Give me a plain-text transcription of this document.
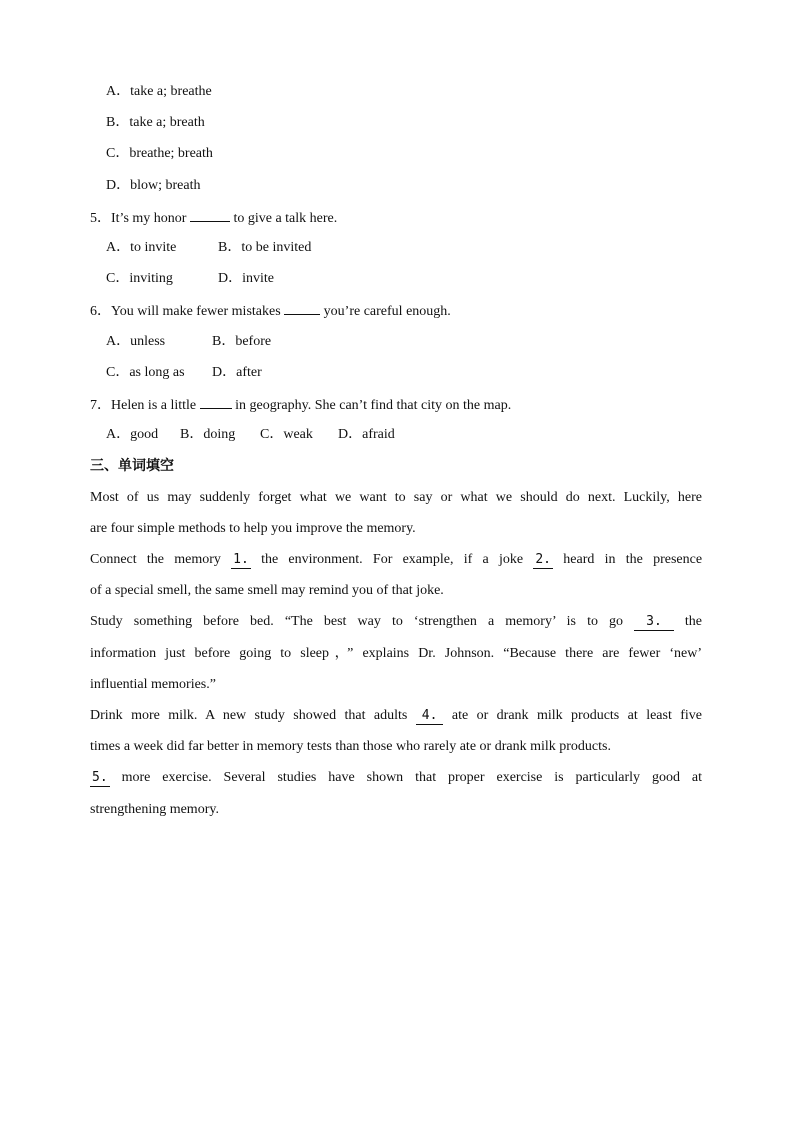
A．take a; breathe
B．take a; breath
C．breathe; breath
D．blow; breath
5．It’s my honor	to give a talk here.
A．to invite	B．to be invited
C．inviting	D．invite
6．You will make fewer mistakes	you’re careful enough.
A．unless	B．before
C．as long as D．after
7．Helen is a little	in geography. She can’t find that city on the map.
A．good B．doing C．weak D．afraid
三、单词填空
Most of us may suddenly forget what we want to say or what we should do next. Luckily, here
are four simple methods to help you improve the memory.
Connect the memory 1. the environment. For example, if a joke 2. heard in the presence
of a special smell, the same smell may remind you of that joke.
Study something before bed. “The best way to ‘strengthen a memory’ is to go 3. the
information just before going to sleep，” explains Dr. Johnson. “Because there are fewer ‘new’
influential memories.”
Drink more milk. A new study showed that adults 4. ate or drank milk products at least five
times a week did far better in memory tests than those who rarely ate or drank milk products.
5. more exercise. Several studies have shown that proper exercise is particularly good at
strengthening memory.
